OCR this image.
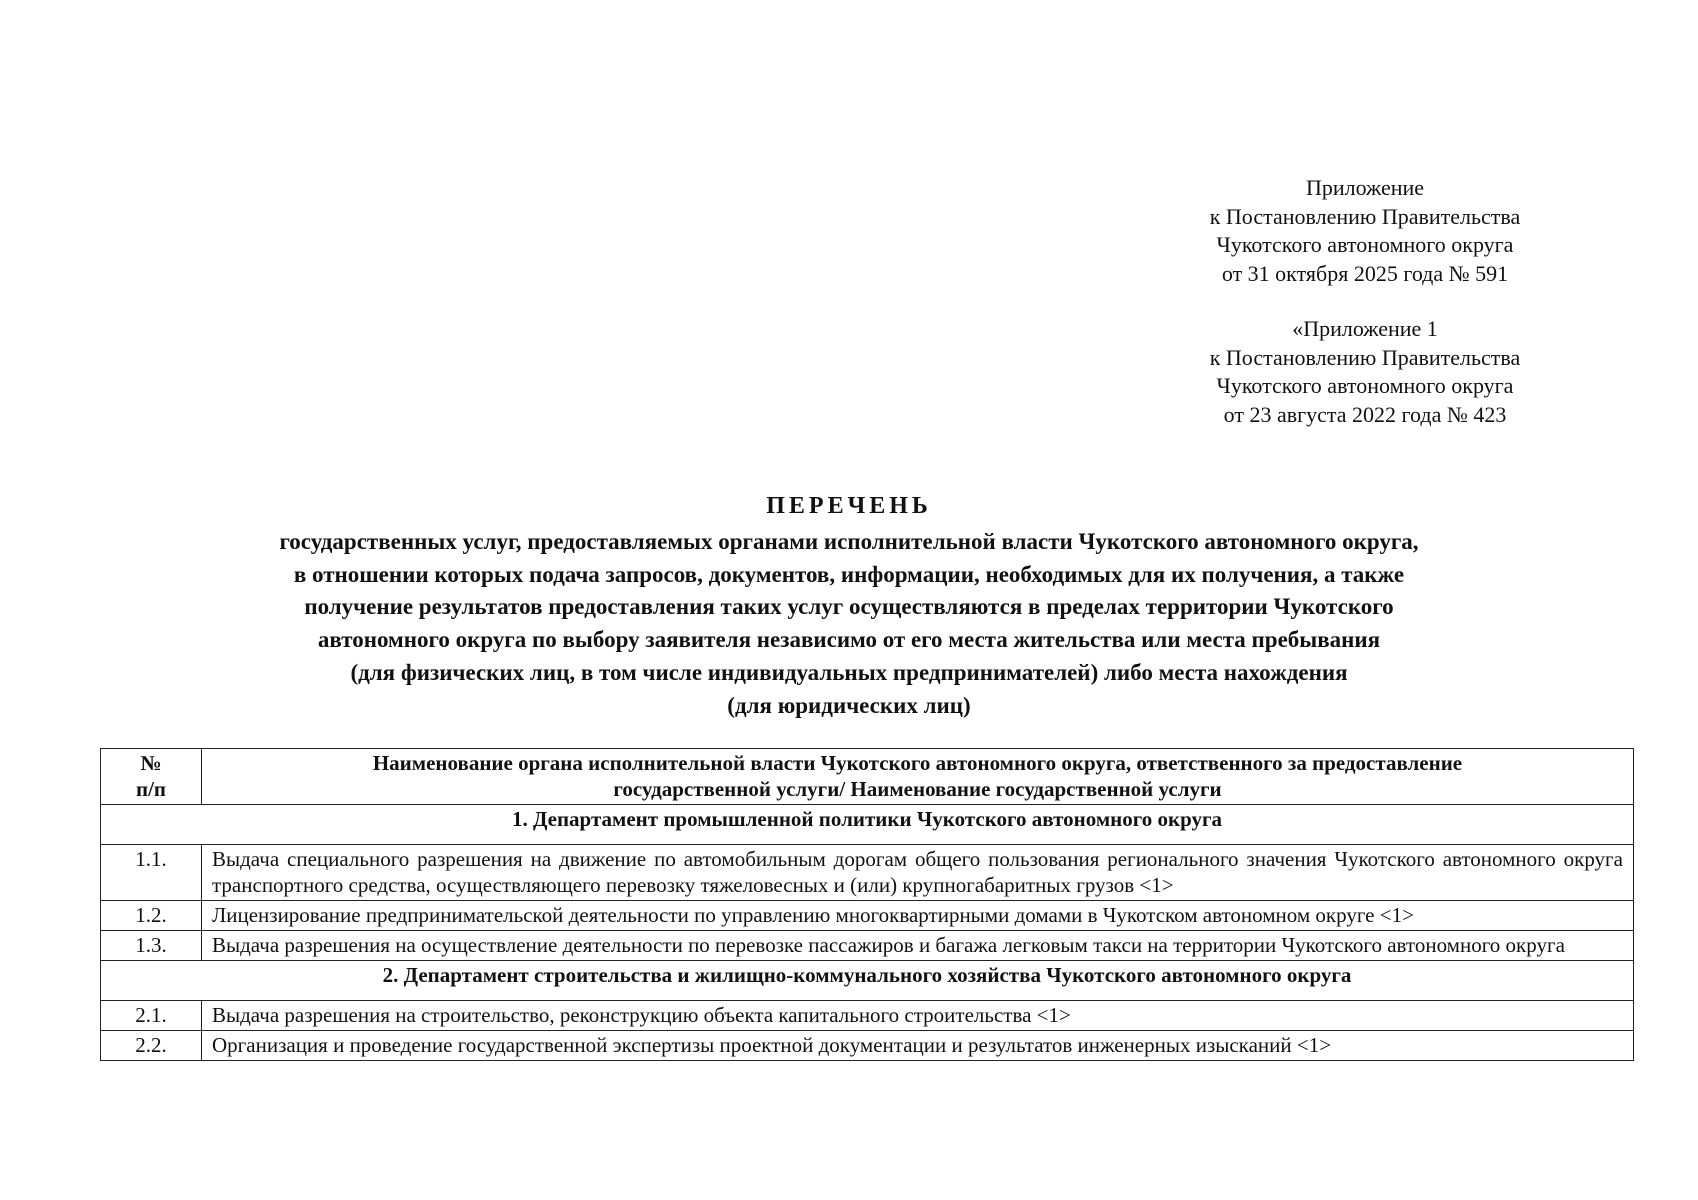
Приложение
к Постановлению Правительства
Чукотского автономного округа
от 31 октября 2025 года № 591
«Приложение 1
к Постановлению Правительства
Чукотского автономного округа
от 23 августа 2022 года № 423
ПЕРЕЧЕНЬ
государственных услуг, предоставляемых органами исполнительной власти Чукотского автономного округа,
в отношении которых подача запросов, документов, информации, необходимых для их получения, а также
получение результатов предоставления таких услуг осуществляются в пределах территории Чукотского
автономного округа по выбору заявителя независимо от его места жительства или места пребывания
(для физических лиц, в том числе индивидуальных предпринимателей) либо места нахождения
(для юридических лиц)
№
п/п	Наименование органа исполнительной власти Чукотского автономного округа, ответственного за предоставление
государственной услуги/ Наименование государственной услуги

1. Департамент промышленной политики Чукотского автономного округа	
1.1.	Выдача специального разрешения на движение по автомобильным дорогам общего пользования регионального значения Чукотского автономного округа транспортного средства, осуществляющего перевозку тяжеловесных и (или) крупногабаритных грузов <1>
1.2.	Лицензирование предпринимательской деятельности по управлению многоквартирными домами в Чукотском автономном округе <1>
1.3.	Выдача разрешения на осуществление деятельности по перевозке пассажиров и багажа легковым такси на территории Чукотского автономного округа
2. Департамент строительства и жилищно-коммунального хозяйства Чукотского автономного округа	
2.1.	Выдача разрешения на строительство, реконструкцию объекта капитального строительства <1>
2.2.	Организация и проведение государственной экспертизы проектной документации и результатов инженерных изысканий <1>
